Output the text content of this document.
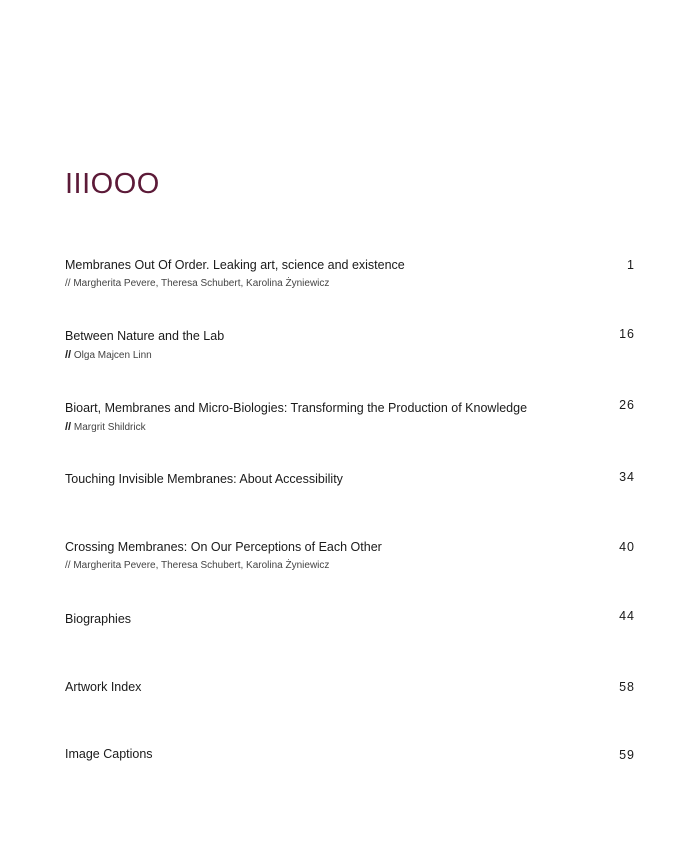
IIIOOO
Membranes Out Of Order. Leaking art, science and existence	1
// Margherita Pevere, Theresa Schubert, Karolina Żyniewicz
Between Nature and the Lab	16
// Olga Majcen Linn
Bioart, Membranes and Micro-Biologies: Transforming the Production of Knowledge	26
// Margrit Shildrick
Touching Invisible Membranes: About Accessibility	34
Crossing Membranes: On Our Perceptions of Each Other	40
// Margherita Pevere, Theresa Schubert, Karolina Żyniewicz
Biographies	44
Artwork Index	58
Image Captions	59
